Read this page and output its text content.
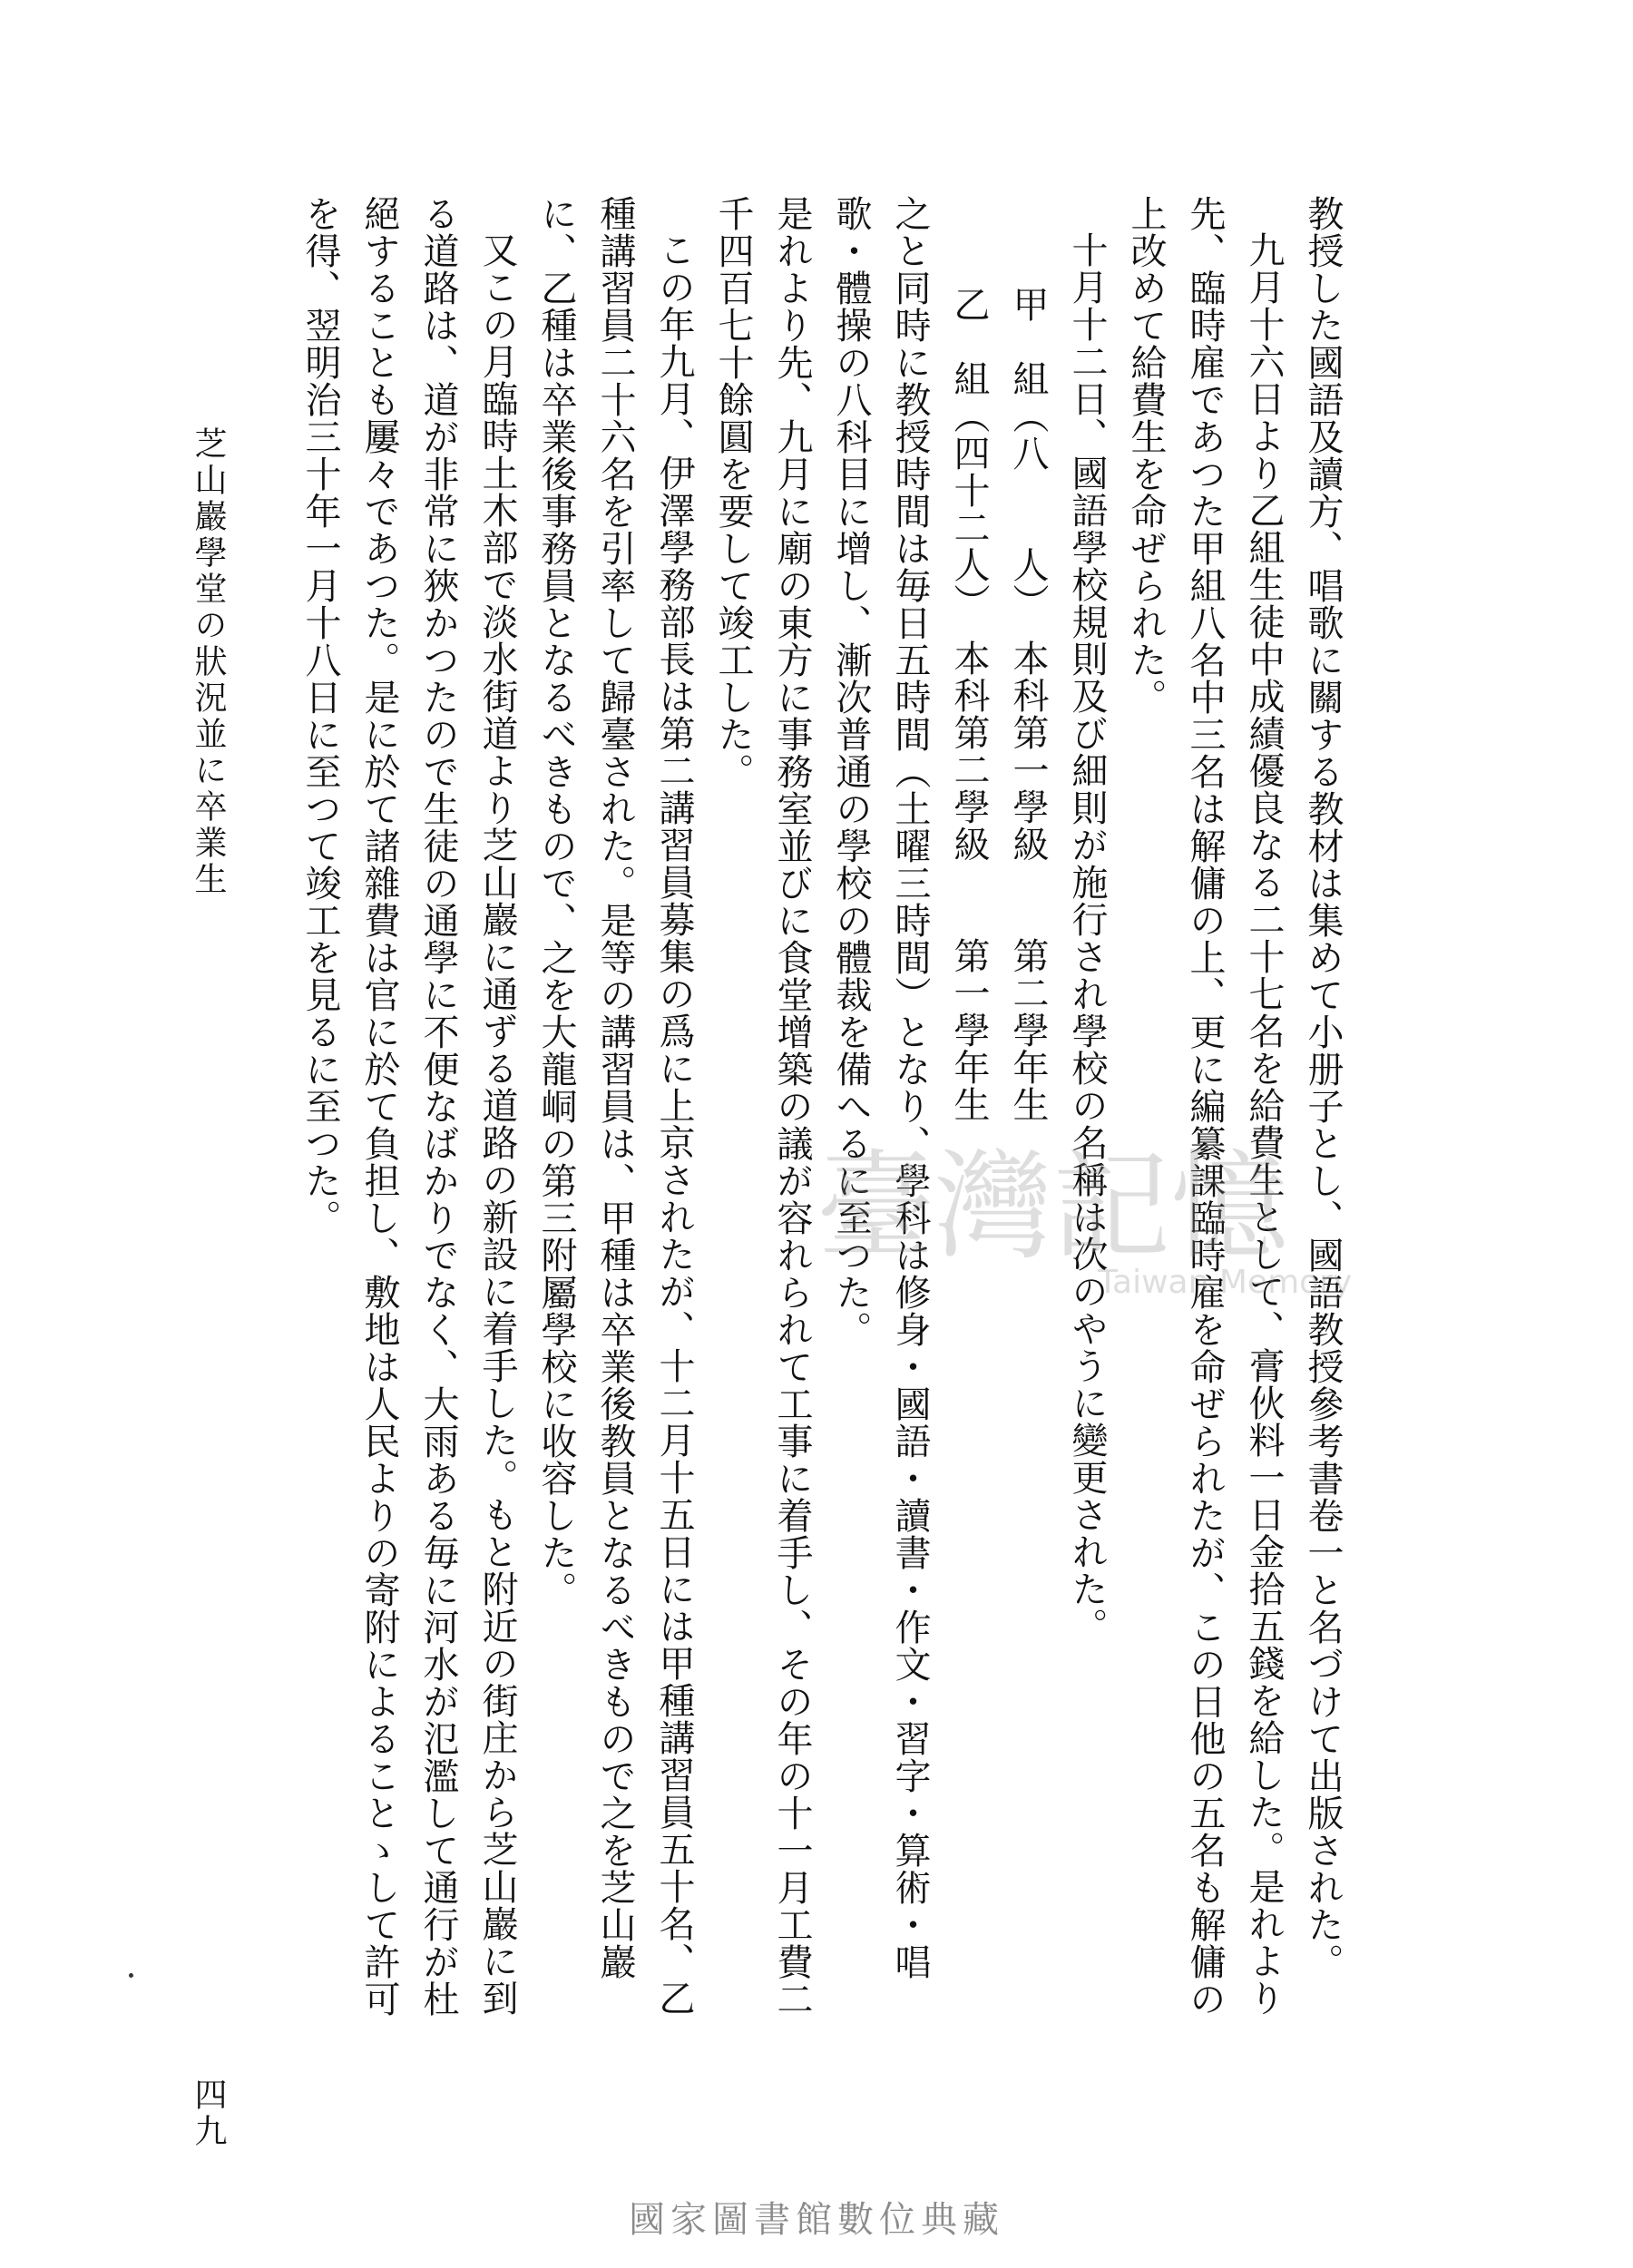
教授した國語及讀方、唱歌に關する教材は集めて小册子とし、國語教授參考書卷一と名づけて出版された。

九月十六日より乙組生徒中成績優良なる二十七名を給費生として、膏伙料一日金拾五錢を給した。是れより先、臨時雇であつた甲組八名中三名は解傭の上、更に編纂課臨時雇を命ぜられたが、この日他の五名も解傭の上改めて給費生を命ぜられた。

十月十二日、國語學校規則及び細則が施行され學校の名稱は次のやうに變更された。

甲　組（八　　人）　本科第一學級　　第二學年生

乙　組（四十二人）　本科第二學級　　第一學年生

之と同時に教授時間は毎日五時間（土曜三時間）となり、學科は修身・國語・讀書・作文・習字・算術・唱歌・體操の八科目に增し、漸次普通の學校の體裁を備へるに至つた。

是れより先、九月に廟の東方に事務室並びに食堂增築の議が容れられて工事に着手し、その年の十一月工費二千四百七十餘圓を要して竣工した。

この年九月、伊澤學務部長は第二講習員募集の爲に上京されたが、十二月十五日には甲種講習員五十名、乙種講習員二十六名を引率して歸臺された。是等の講習員は、甲種は卒業後教員となるべきもので之を芝山巖に、乙種は卒業後事務員となるべきもので、之を大龍峒の第三附屬學校に收容した。

又この月臨時土木部で淡水街道より芝山巖に通ずる道路の新設に着手した。もと附近の街庄から芝山巖に到る道路は、道が非常に狹かつたので生徒の通學に不便なばかりでなく、大雨ある毎に河水が氾濫して通行が杜絕することも屢々であつた。是に於て諸雜費は官に於て負担し、敷地は人民よりの寄附によることゝして許可を得、翌明治三十年一月十八日に至つて竣工を見るに至つた。

芝山巖學堂の狀況並に卒業生
四九
臺灣記憶
Taiwan Memory
國家圖書館數位典藏
